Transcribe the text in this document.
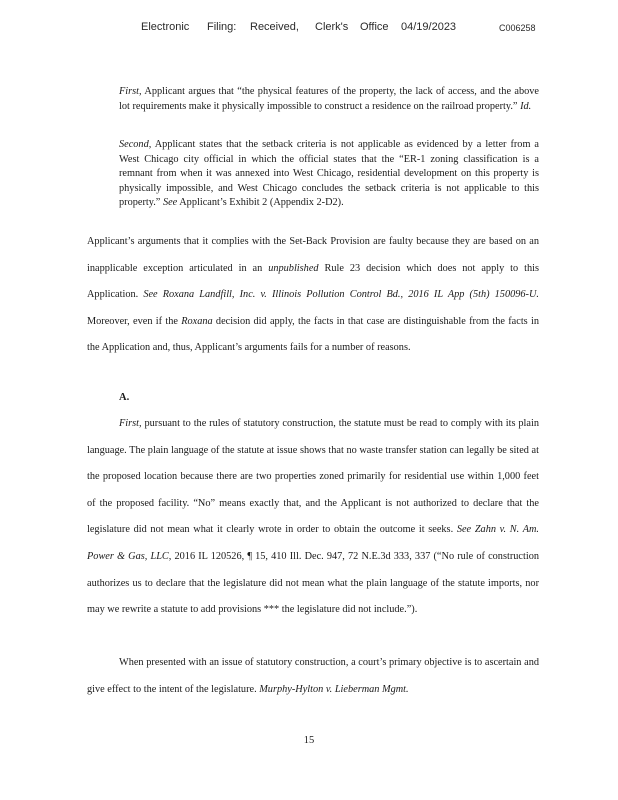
Electronic Filing: Received, Clerk's Office 04/19/2023	C006258

First, Applicant argues that “the physical features of the property, the lack of access, and the above lot requirements make it physically impossible to construct a residence on the railroad property.” Id.

Second, Applicant states that the setback criteria is not applicable as evidenced by a letter from a West Chicago city official in which the official states that the “ER-1 zoning classification is a remnant from when it was annexed into West Chicago, residential development on this property is physically impossible, and West Chicago concludes the setback criteria is not applicable to this property.” See Applicant’s Exhibit 2 (Appendix 2-D2).

Applicant’s arguments that it complies with the Set-Back Provision are faulty because they are based on an inapplicable exception articulated in an unpublished Rule 23 decision which does not apply to this Application. See Roxana Landfill, Inc. v. Illinois Pollution Control Bd., 2016 IL App (5th) 150096-U. Moreover, even if the Roxana decision did apply, the facts in that case are distinguishable from the facts in the Application and, thus, Applicant’s arguments fails for a number of reasons.

A.

First, pursuant to the rules of statutory construction, the statute must be read to comply with its plain language. The plain language of the statute at issue shows that no waste transfer station can legally be sited at the proposed location because there are two properties zoned primarily for residential use within 1,000 feet of the proposed facility. “No” means exactly that, and the Applicant is not authorized to declare that the legislature did not mean what it clearly wrote in order to obtain the outcome it seeks. See Zahn v. N. Am. Power & Gas, LLC, 2016 IL 120526, ¶ 15, 410 Ill. Dec. 947, 72 N.E.3d 333, 337 (“No rule of construction authorizes us to declare that the legislature did not mean what the plain language of the statute imports, nor may we rewrite a statute to add provisions *** the legislature did not include.”).

When presented with an issue of statutory construction, a court’s primary objective is to ascertain and give effect to the intent of the legislature. Murphy-Hylton v. Lieberman Mgmt.

15
